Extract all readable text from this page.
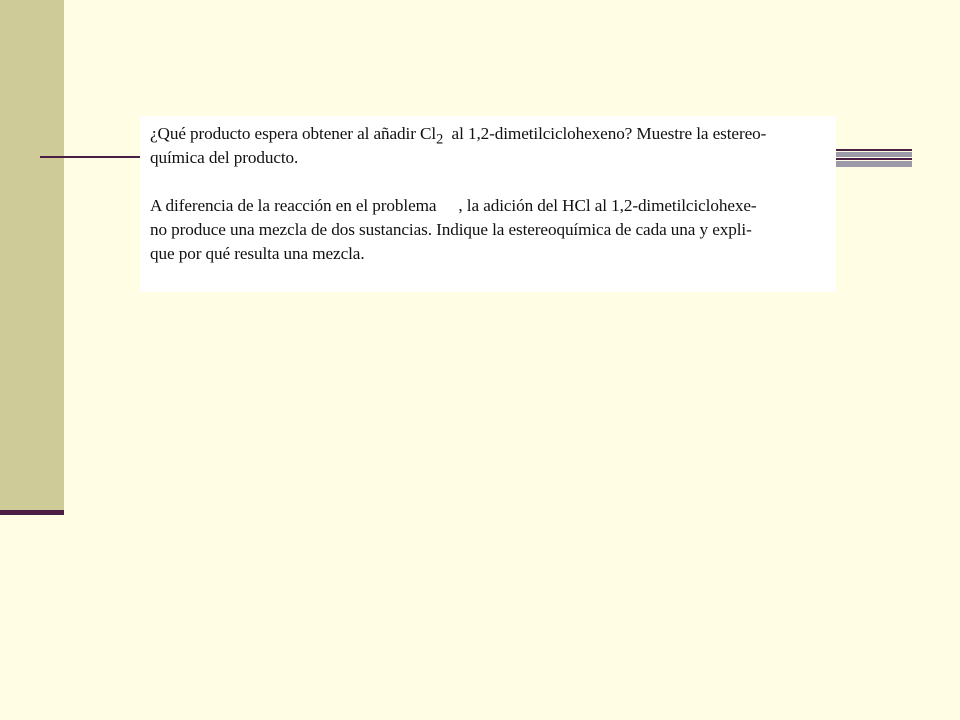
¿Qué producto espera obtener al añadir $Cl_2$ al 1,2-dimetilciclohexeno? Muestre la estereo-
química del producto.
A diferencia de la reacción en el problema , la adición del HCl al 1,2-dimetilciclohexe-
no produce una mezcla de dos sustancias. Indique la estereoquímica de cada una y expli-
que por qué resulta una mezcla.
